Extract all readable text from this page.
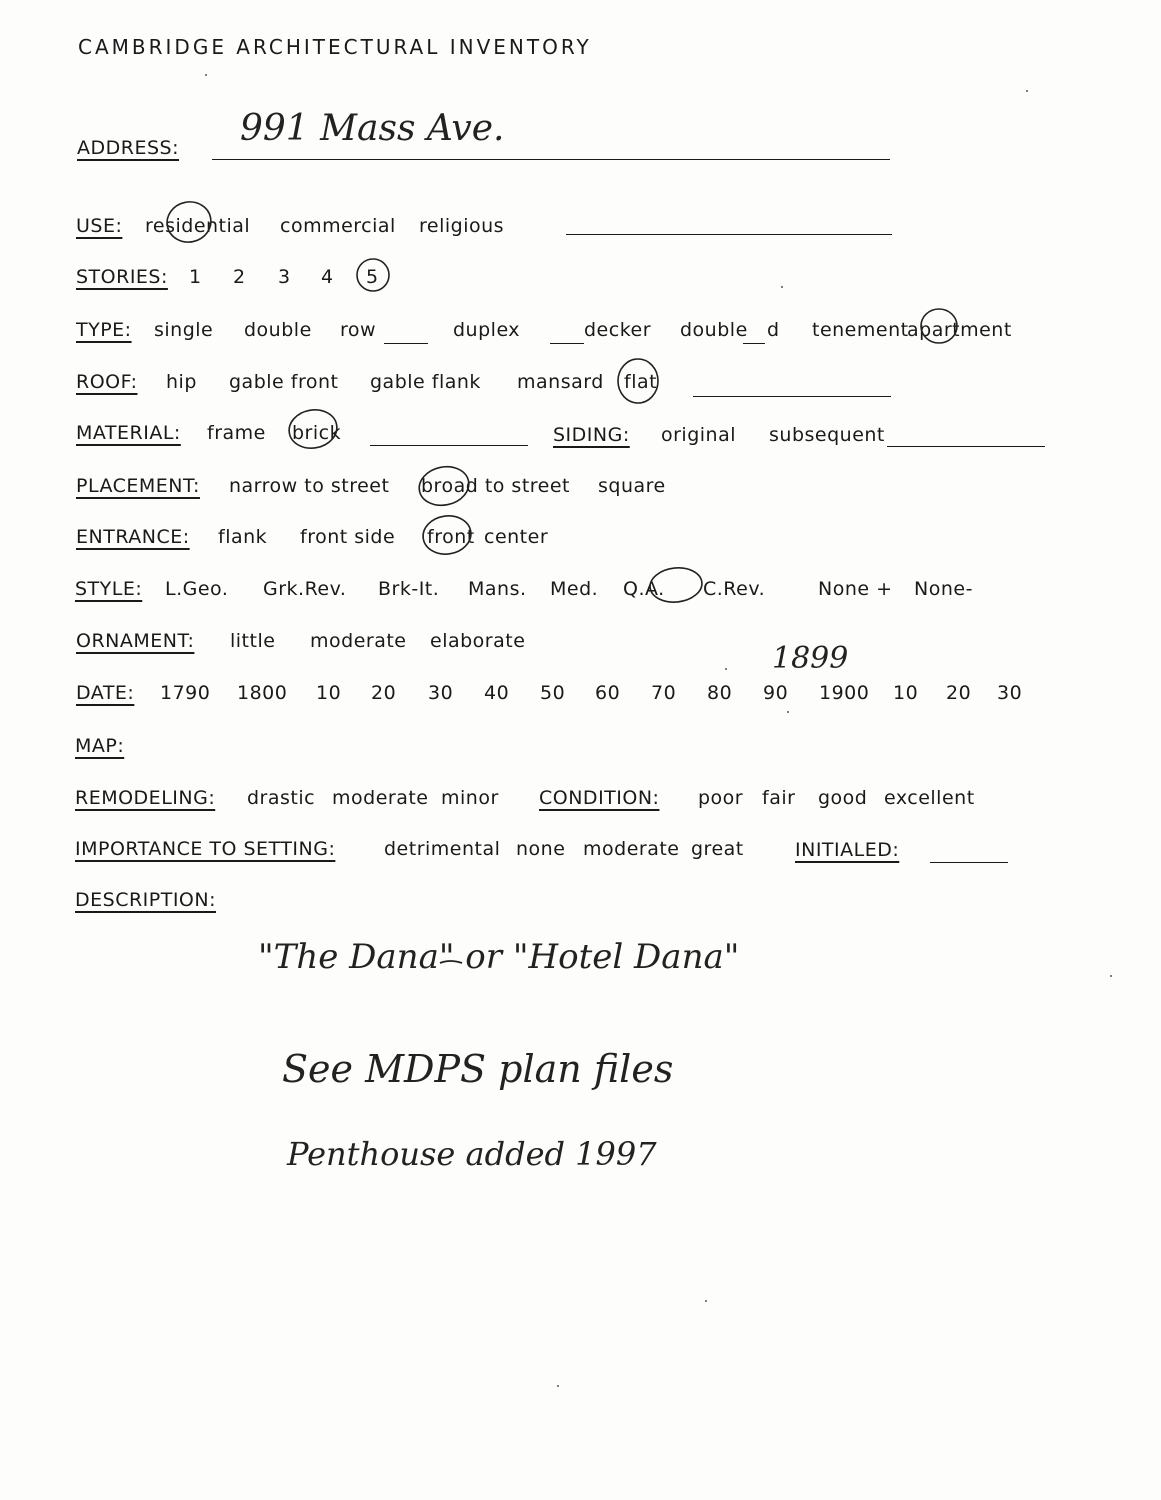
CAMBRIDGE ARCHITECTURAL INVENTORY
ADDRESS: 991 Mass Ave.
USE: residential commercial religious
STORIES: 1 2 3 4 5
TYPE: single double row	duplex	decker double d tenement
apartment
ROOF: hip gable front gable flank mansard flat
MATERIAL: frame brick	SIDING: original subsequent
PLACEMENT: narrow to street broad to street square
ENTRANCE: flank front side front center
STYLE: L.Geo. Grk.Rev. Brk-It. Mans. Med. Q.A. C.Rev.	None + None-
ORNAMENT: little moderate elaborate	1899
DATE: 1790 1800 10 20 30 40 50 60 70 80 90 1900 10 20 30
MAP:
REMODELING: drastic moderate minor CONDITION: poor fair good excellent
IMPORTANCE TO SETTING:	detrimental none moderate great	INITIALED:
DESCRIPTION:
"The Dana" or "Hotel Dana"
See MDPS plan files
Penthouse added 1997
